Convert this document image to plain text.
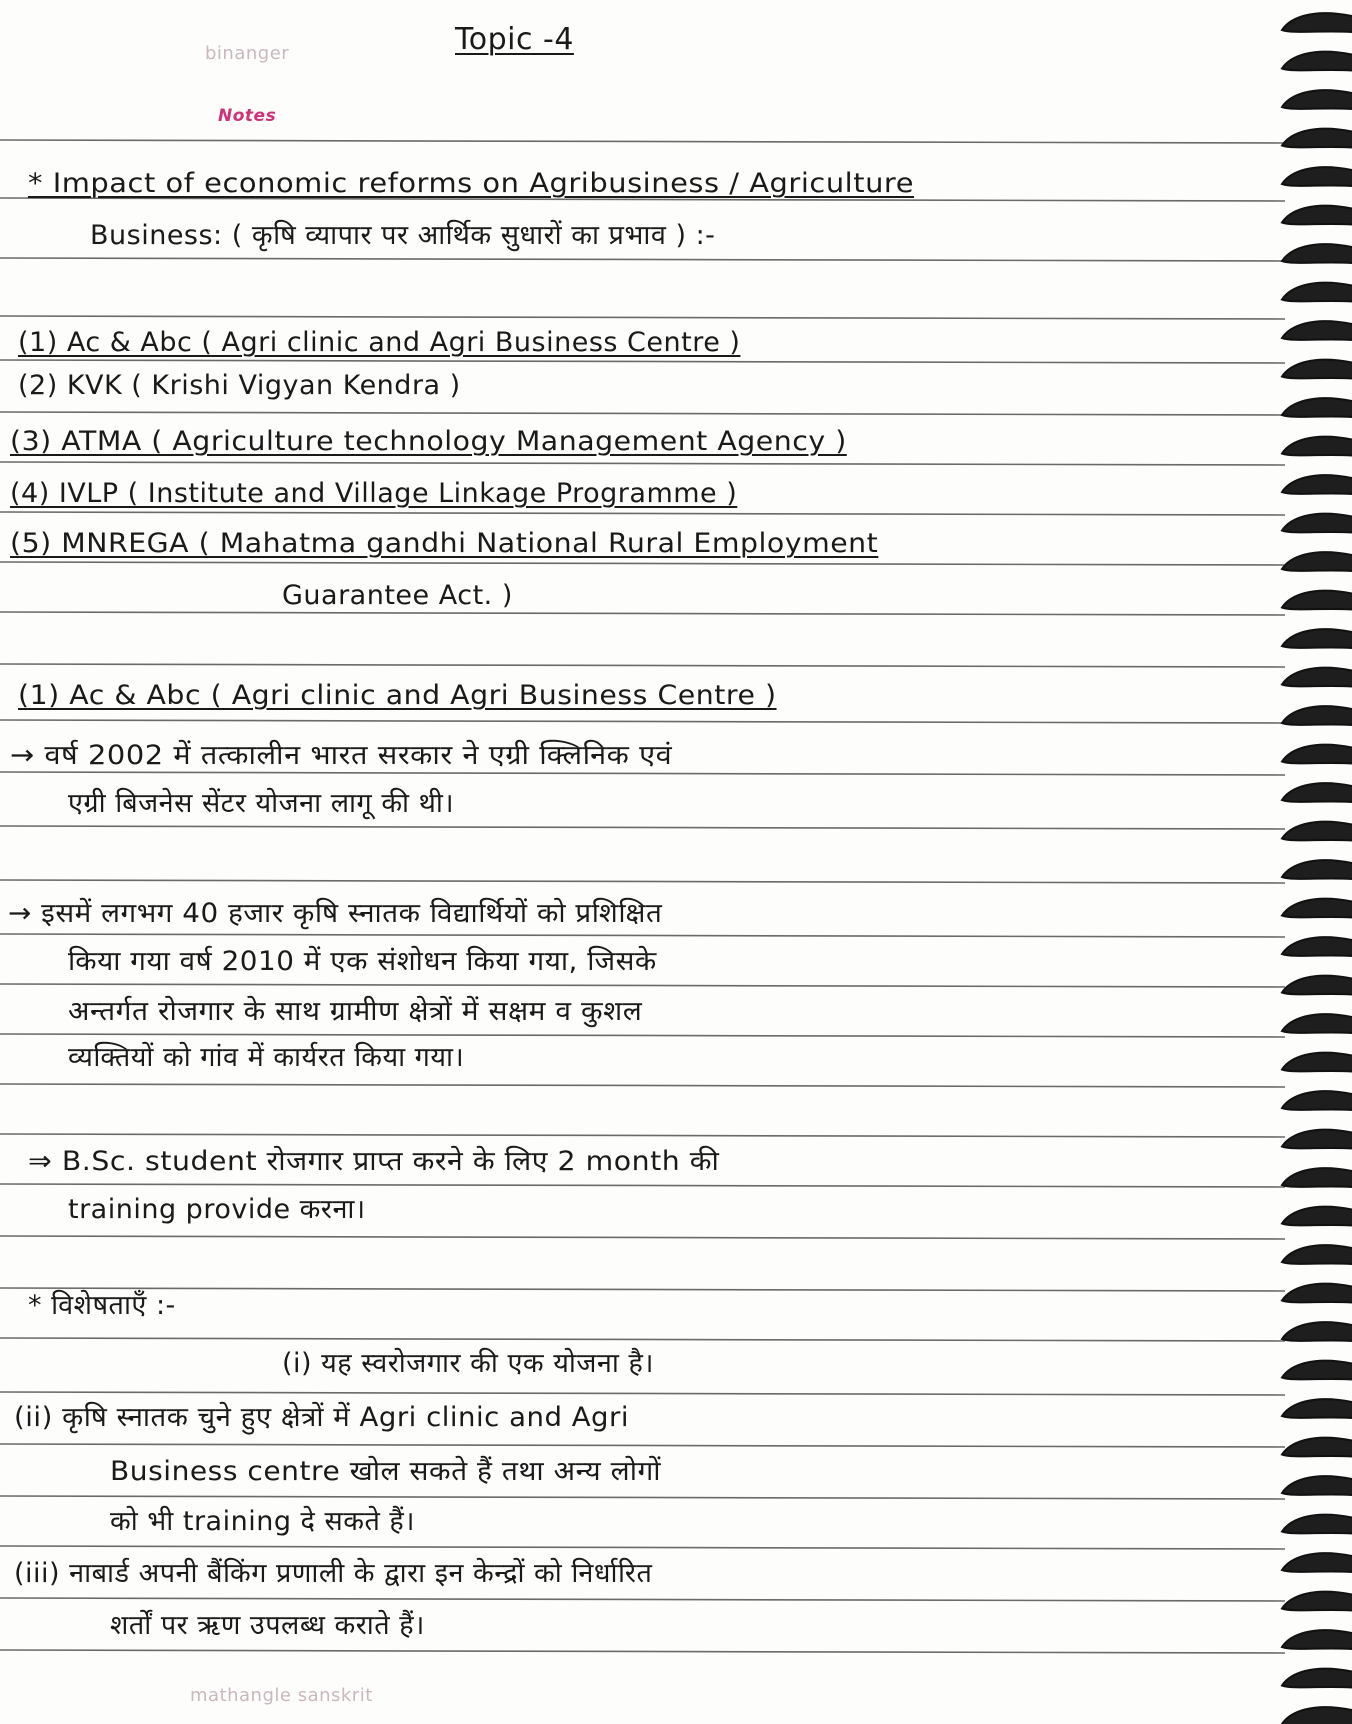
binanger	Topic -4

Notes

* Impact of economic reforms on Agribusiness / Agriculture

Business: ( कृषि व्यापार पर आर्थिक सुधारों का प्रभाव ) :-

(1) Ac & Abc ( Agri clinic and Agri Business Centre )

(2) KVK ( Krishi Vigyan Kendra )

(3) ATMA ( Agriculture technology Management Agency )

(4) IVLP ( Institute and Village Linkage Programme )

(5) MNREGA ( Mahatma gandhi National Rural Employment

Guarantee Act. )

(1) Ac & Abc ( Agri clinic and Agri Business Centre )

→ वर्ष 2002 में तत्कालीन भारत सरकार ने एग्री क्लिनिक एवं

एग्री बिजनेस सेंटर योजना लागू की थी।

→ इसमें लगभग 40 हजार कृषि स्नातक विद्यार्थियों को प्रशिक्षित

किया गया वर्ष 2010 में एक संशोधन किया गया, जिसके

अन्तर्गत रोजगार के साथ ग्रामीण क्षेत्रों में सक्षम व कुशल

व्यक्तियों को गांव में कार्यरत किया गया।

⇒ B.Sc. student रोजगार प्राप्त करने के लिए 2 month की

training provide करना।

* विशेषताएँ :-

(i) यह स्वरोजगार की एक योजना है।

(ii) कृषि स्नातक चुने हुए क्षेत्रों में Agri clinic and Agri

Business centre खोल सकते हैं तथा अन्य लोगों

को भी training दे सकते हैं।

(iii) नाबार्ड अपनी बैंकिंग प्रणाली के द्वारा इन केन्द्रों को निर्धारित

शर्तों पर ऋण उपलब्ध कराते हैं।

mathangle sanskrit
